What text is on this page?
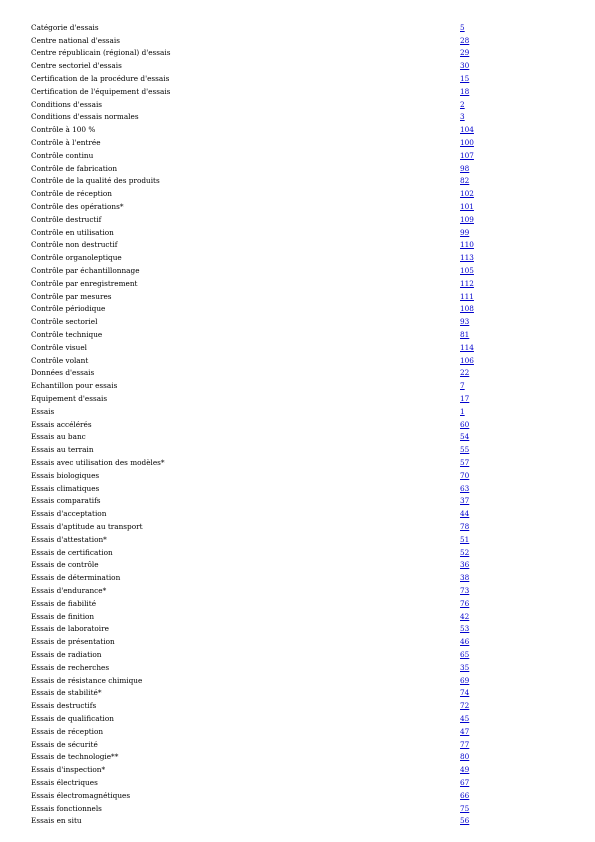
Catégorie d'essais	5
Centre national d'essais	28
Centre républicain (régional) d'essais	29
Centre sectoriel d'essais	30
Certification de la procédure d'essais	15
Certification de l'équipement d'essais	18
Conditions d'essais	2
Conditions d'essais normales	3
Contrôle à 100 %	104
Contrôle à l'entrée	100
Contrôle continu	107
Contrôle de fabrication	98
Contrôle de la qualité des produits	82
Contrôle de réception	102
Contrôle des opérations*	101
Contrôle destructif	109
Contrôle en utilisation	99
Contrôle non destructif	110
Contrôle organoleptique	113
Contrôle par échantillonnage	105
Contrôle par enregistrement	112
Contrôle par mesures	111
Contrôle périodique	108
Contrôle sectoriel	93
Contrôle technique	81
Contrôle visuel	114
Contrôle volant	106
Données d'essais	22
Echantillon pour essais	7
Equipement d'essais	17
Essais	1
Essais accélérés	60
Essais au banc	54
Essais au terrain	55
Essais avec utilisation des modèles*	57
Essais biologiques	70
Essais climatiques	63
Essais comparatifs	37
Essais d'acceptation	44
Essais d'aptitude au transport	78
Essais d'attestation*	51
Essais de certification	52
Essais de contrôle	36
Essais de détermination	38
Essais d'endurance*	73
Essais de fiabilité	76
Essais de finition	42
Essais de laboratoire	53
Essais de présentation	46
Essais de radiation	65
Essais de recherches	35
Essais de résistance chimique	69
Essais de stabilité*	74
Essais destructifs	72
Essais de qualification	45
Essais de réception	47
Essais de sécurité	77
Essais de technologie**	80
Essais d'inspection*	49
Essais électriques	67
Essais électromagnétiques	66
Essais fonctionnels	75
Essais en situ	56
